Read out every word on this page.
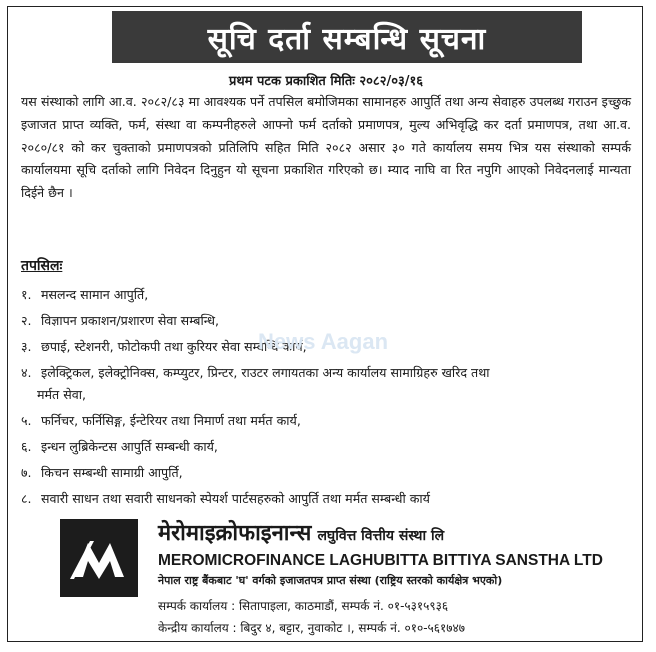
सूचि दर्ता सम्बन्धि सूचना
प्रथम पटक प्रकाशित मितिः २०८२/०३/१६
यस संस्थाको लागि आ.व. २०८२/८३ मा आवश्यक पर्ने तपसिल बमोजिमका सामानहरु आपुर्ति तथा अन्य सेवाहरु उपलब्ध गराउन इच्छुक इजाजत प्राप्त व्यक्ति, फर्म, संस्था वा कम्पनीहरुले आफ्नो फर्म दर्ताको प्रमाणपत्र, मुल्य अभिवृद्धि कर दर्ता प्रमाणपत्र, तथा आ.व. २०८०/८१ को कर चुक्ताको प्रमाणपत्रको प्रतिलिपि सहित मिति २०८२ असार ३० गते कार्यालय समय भित्र यस संस्थाको सम्पर्क कार्यालयमा सूचि दर्ताको लागि निवेदन दिनुहुन यो सूचना प्रकाशित गरिएको छ। म्याद नाघि वा रित नपुगि आएको निवेदनलाई मान्यता दिईने छैन ।
तपसिलः
१. मसलन्द सामान आपुर्ति,
२. विज्ञापन प्रकाशन/प्रशारण सेवा सम्बन्धि,
३. छपाई, स्टेशनरी, फोटोकपी तथा कुरियर सेवा सम्बन्धि कार्य,
४. इलेक्ट्रिकल, इलेक्ट्रोनिक्स, कम्प्युटर, प्रिन्टर, राउटर लगायतका अन्य कार्यालय सामाग्रिहरु खरिद तथा
मर्मत सेवा,
५. फर्निचर, फर्निसिङ्ग, ईन्टेरियर तथा निमार्ण तथा मर्मत कार्य,
६. इन्धन लुब्रिकेन्टस आपुर्ति सम्बन्धी कार्य,
७. किचन सम्बन्धी सामाग्री आपुर्ति,
८. सवारी साधन तथा सवारी साधनको स्पेयर्श पार्टसहरुको आपुर्ति तथा मर्मत सम्बन्धी कार्य
News Aagan
मेरोमाइक्रोफाइनान्स लघुवित्त वित्तीय संस्था लि
MEROMICROFINANCE LAGHUBITTA BITTIYA SANSTHA LTD
नेपाल राष्ट्र बैंकबाट 'घ' वर्गको इजाजतपत्र प्राप्त संस्था (राष्ट्रिय स्तरको कार्यक्षेत्र भएको)
सम्पर्क कार्यालय : सितापाइला, काठमाडौं, सम्पर्क नं. ०१-५३१५९३६
केन्द्रीय कार्यालय : बिदुर ४, बट्टार, नुवाकोट ।, सम्पर्क नं. ०१०-५६१७४७
